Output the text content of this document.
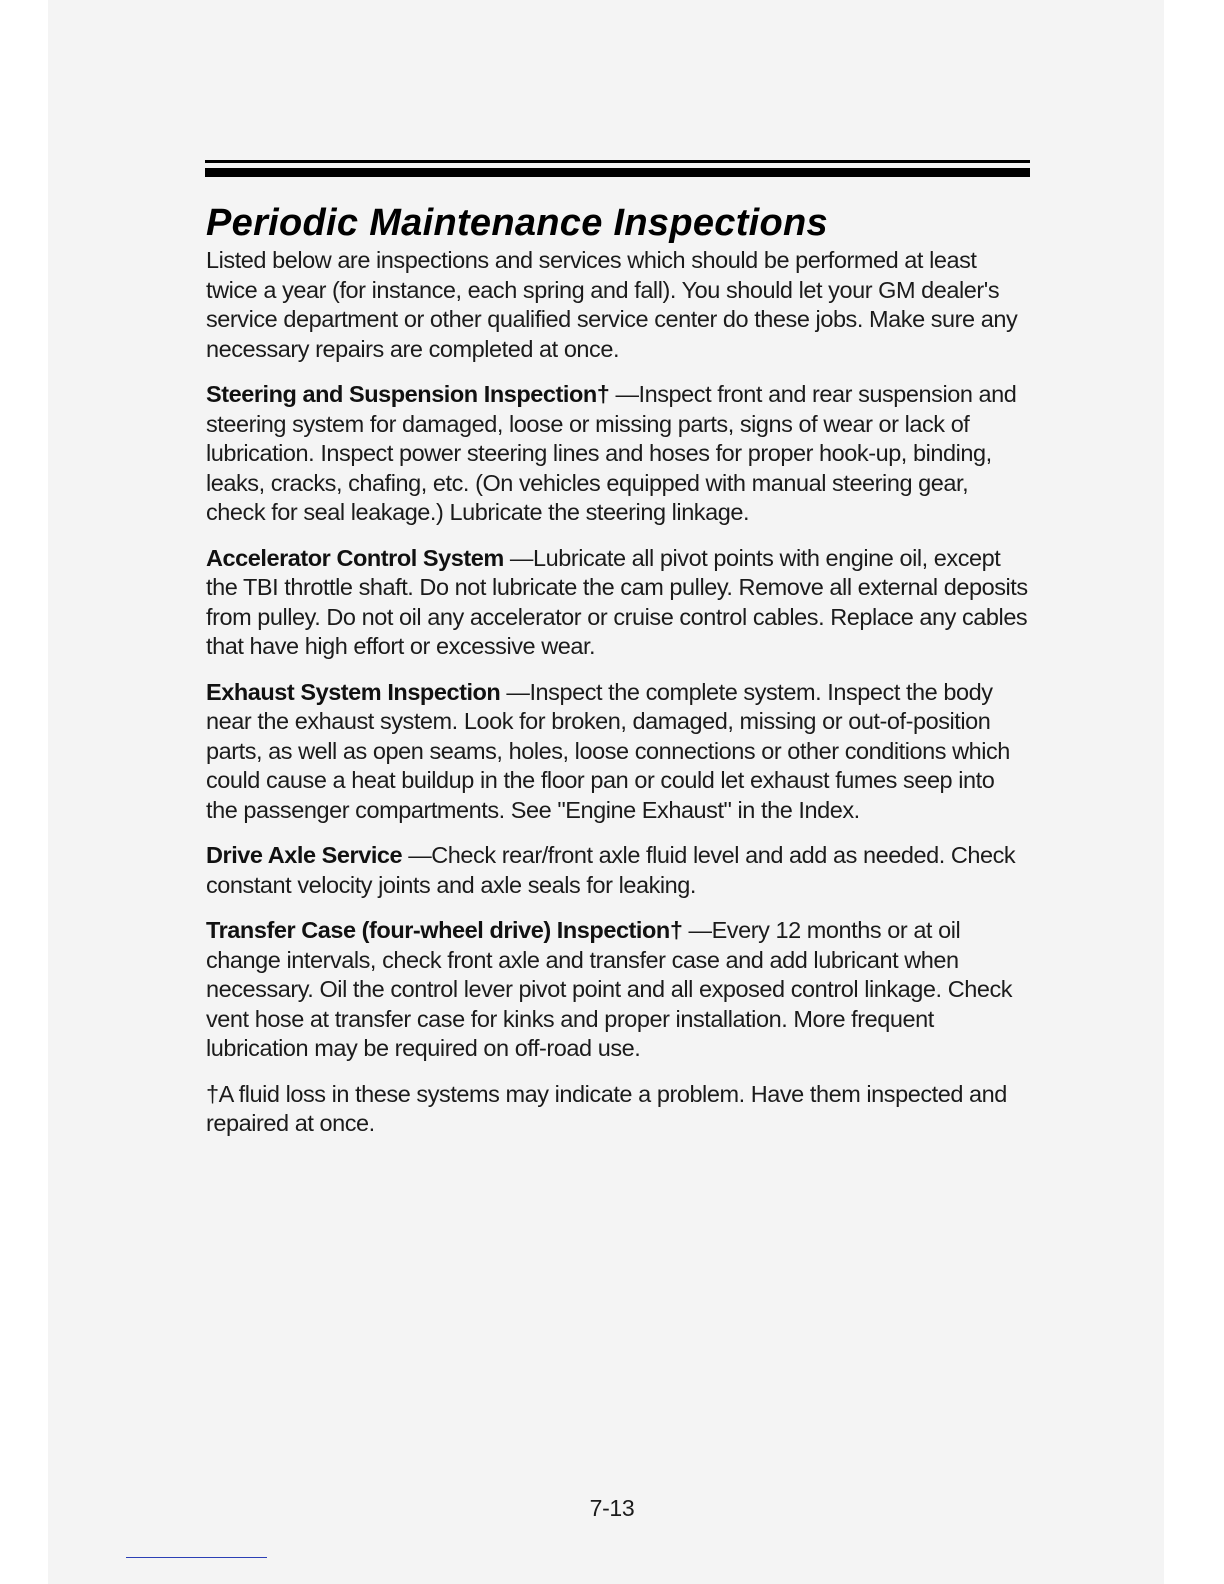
Periodic Maintenance Inspections

Listed below are inspections and services which should be performed at least twice a year (for instance, each spring and fall). You should let your GM dealer's service department or other qualified service center do these jobs. Make sure any necessary repairs are completed at once.

Steering and Suspension Inspection† —Inspect front and rear suspension and steering system for damaged, loose or missing parts, signs of wear or lack of lubrication. Inspect power steering lines and hoses for proper hook-up, binding, leaks, cracks, chafing, etc. (On vehicles equipped with manual steering gear, check for seal leakage.) Lubricate the steering linkage.

Accelerator Control System —Lubricate all pivot points with engine oil, except the TBI throttle shaft. Do not lubricate the cam pulley. Remove all external deposits from pulley. Do not oil any accelerator or cruise control cables. Replace any cables that have high effort or excessive wear.

Exhaust System Inspection —Inspect the complete system. Inspect the body near the exhaust system. Look for broken, damaged, missing or out-of-position parts, as well as open seams, holes, loose connections or other conditions which could cause a heat buildup in the floor pan or could let exhaust fumes seep into the passenger compartments. See "Engine Exhaust" in the Index.

Drive Axle Service —Check rear/front axle fluid level and add as needed. Check constant velocity joints and axle seals for leaking.

Transfer Case (four-wheel drive) Inspection† —Every 12 months or at oil change intervals, check front axle and transfer case and add lubricant when necessary. Oil the control lever pivot point and all exposed control linkage. Check vent hose at transfer case for kinks and proper installation. More frequent lubrication may be required on off-road use.

†A fluid loss in these systems may indicate a problem. Have them inspected and repaired at once.

7-13
